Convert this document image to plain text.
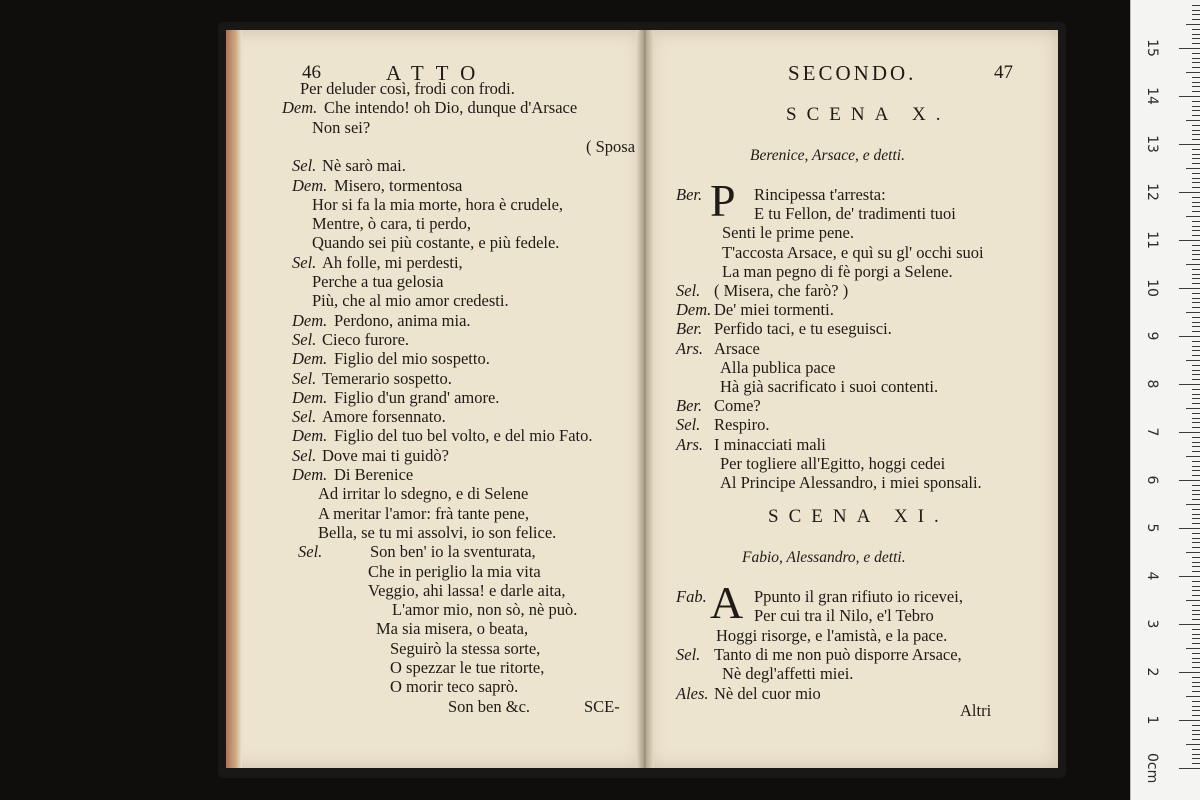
46	ATTO
Per deluder così, frodi con frodi.
Dem. Che intendo! oh Dio, dunque d'Arsace
Non sei?
( Sposa
Sel. Nè sarò mai.
Dem. Misero, tormentosa
Hor si fa la mia morte, hora è crudele,
Mentre, ò cara, ti perdo,
Quando sei più costante, e più fedele.
Sel. Ah folle, mi perdesti,
Perche a tua gelosia
Più, che al mio amor credesti.
Dem. Perdono, anima mia.
Sel. Cieco furore.
Dem. Figlio del mio sospetto.
Sel. Temerario sospetto.
Dem. Figlio d'un grand' amore.
Sel. Amore forsennato.
Dem. Figlio del tuo bel volto, e del mio Fato.
Sel. Dove mai ti guidò?
Dem. Di Berenice
Ad irritar lo sdegno, e di Selene
A meritar l'amor: frà tante pene,
Bella, se tu mi assolvi, io son felice.
Sel.	Son ben' io la sventurata,
Che in periglio la mia vita
Veggio, ahi lassa! e darle aita,
L'amor mio, non sò, nè può.
Ma sia misera, o beata,
Seguirò la stessa sorte,
O spezzar le tue ritorte,
O morir teco saprò.
Son ben &c.	SCE-
SECONDO.	47
SCENA X.
Berenice, Arsace, e detti.
Ber. P Rincipessa t'arresta:
E tu Fellon, de' tradimenti tuoi
Senti le prime pene.
T'accosta Arsace, e quì su gl' occhi suoi
La man pegno di fè porgi a Selene.
Sel. ( Misera, che farò? )
Dem. De' miei tormenti.
Ber. Perfido taci, e tu eseguisci.
Ars. Arsace
Alla publica pace
Hà già sacrificato i suoi contenti.
Ber. Come?
Sel. Respiro.
Ars. I minacciati mali
Per togliere all'Egitto, hoggi cedei
Al Principe Alessandro, i miei sponsali.
SCENA XI.
Fabio, Alessandro, e detti.
Fab. A Ppunto il gran rifiuto io ricevei,
Per cui tra il Nilo, e'l Tebro
Hoggi risorge, e l'amistà, e la pace.
Sel. Tanto di me non può disporre Arsace,
Nè degl'affetti miei.
Ales. Nè del cuor mio
Altri
0cm
1
2
3
4
5
6
7
8
9
10
11
12
13
14
15
